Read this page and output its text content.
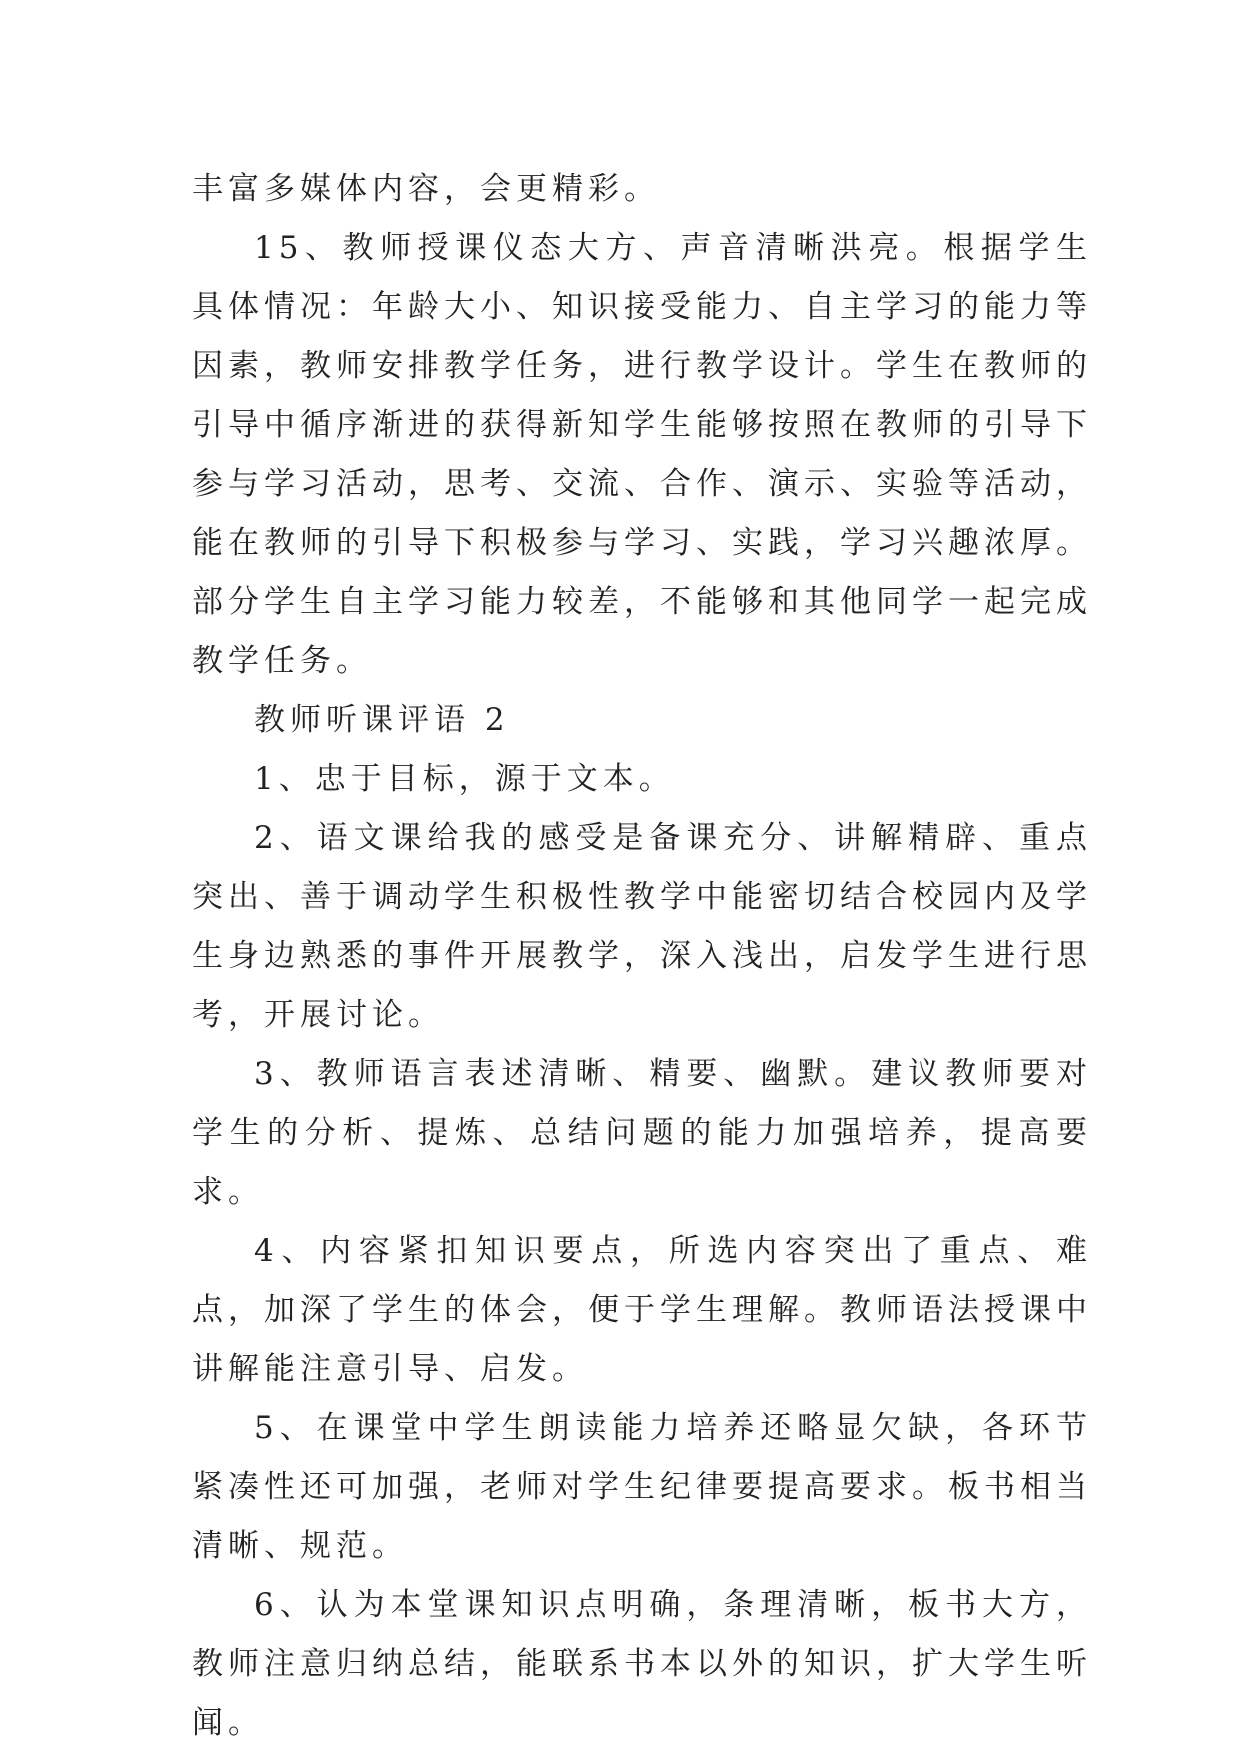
丰富多媒体内容，会更精彩。

15、教师授课仪态大方、声音清晰洪亮。根据学生具体情况：年龄大小、知识接受能力、自主学习的能力等因素，教师安排教学任务，进行教学设计。学生在教师的引导中循序渐进的获得新知学生能够按照在教师的引导下参与学习活动，思考、交流、合作、演示、实验等活动，能在教师的引导下积极参与学习、实践，学习兴趣浓厚。部分学生自主学习能力较差，不能够和其他同学一起完成教学任务。

教师听课评语 2

1、忠于目标，源于文本。

2、语文课给我的感受是备课充分、讲解精辟、重点突出、善于调动学生积极性教学中能密切结合校园内及学生身边熟悉的事件开展教学，深入浅出，启发学生进行思考，开展讨论。

3、教师语言表述清晰、精要、幽默。建议教师要对学生的分析、提炼、总结问题的能力加强培养，提高要求。

4、内容紧扣知识要点，所选内容突出了重点、难点，加深了学生的体会，便于学生理解。教师语法授课中讲解能注意引导、启发。

5、在课堂中学生朗读能力培养还略显欠缺，各环节紧凑性还可加强，老师对学生纪律要提高要求。板书相当清晰、规范。

6、认为本堂课知识点明确，条理清晰，板书大方，教师注意归纳总结，能联系书本以外的知识，扩大学生听闻。
